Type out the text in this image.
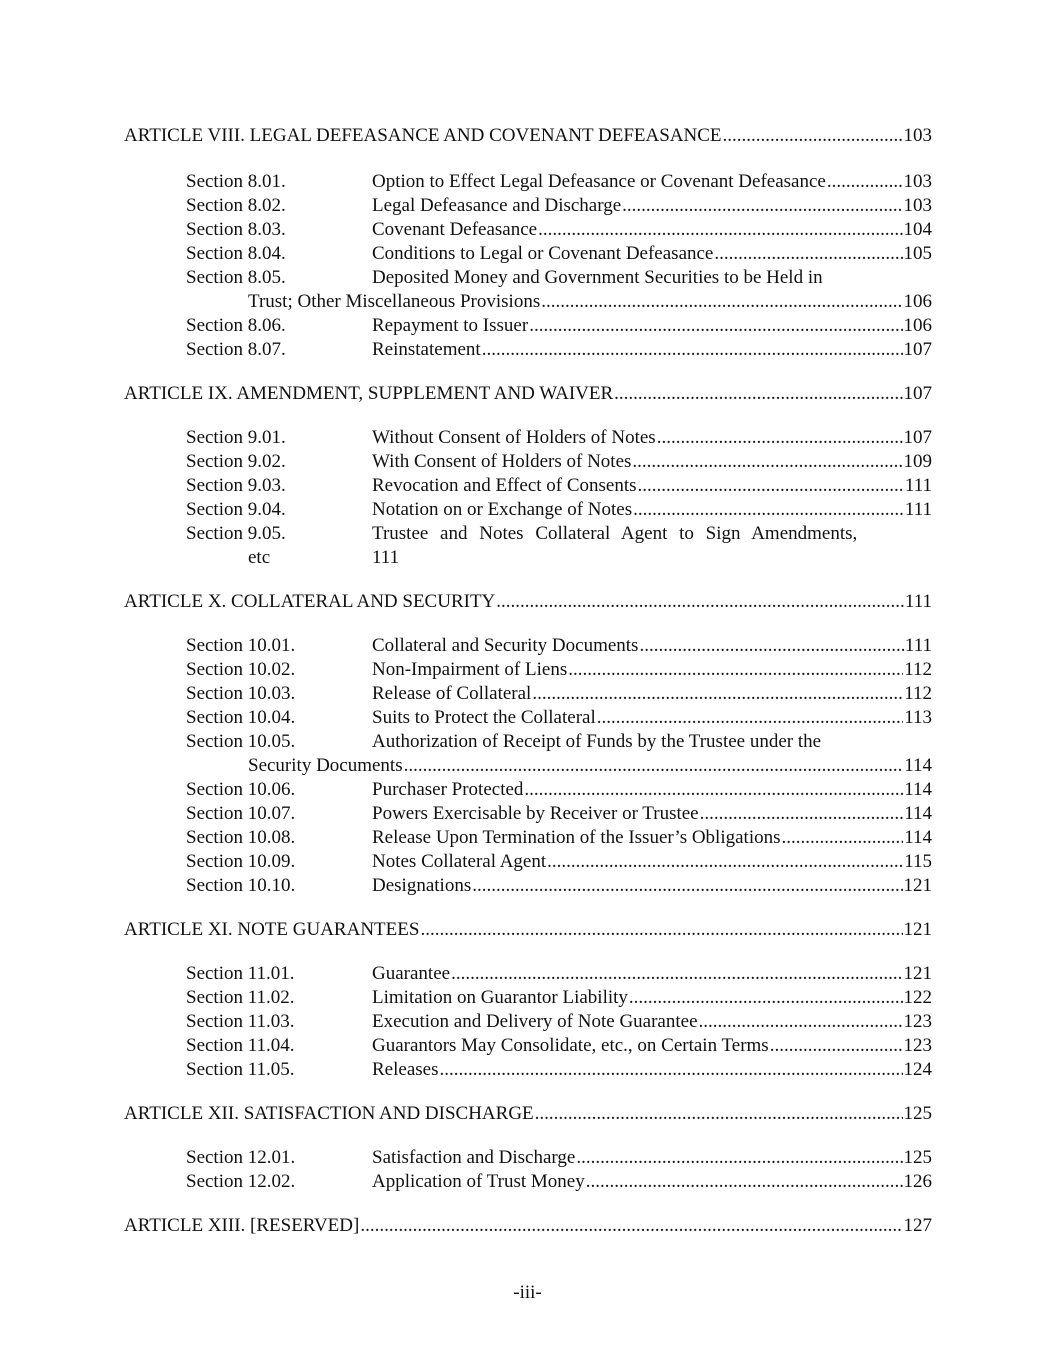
ARTICLE VIII. LEGAL DEFEASANCE AND COVENANT DEFEASANCE .....	103
Section 8.01.	Option to Effect Legal Defeasance or Covenant Defeasance .....	103
Section 8.02.	Legal Defeasance and Discharge .....	103
Section 8.03.	Covenant Defeasance .....	104
Section 8.04.	Conditions to Legal or Covenant Defeasance .....	105
Section 8.05.	Deposited Money and Government Securities to be Held in
Trust; Other Miscellaneous Provisions .....	106
Section 8.06.	Repayment to Issuer .....	106
Section 8.07.	Reinstatement .....	107
ARTICLE IX. AMENDMENT, SUPPLEMENT AND WAIVER .....	107
Section 9.01.	Without Consent of Holders of Notes .....	107
Section 9.02.	With Consent of Holders of Notes .....	109
Section 9.03.	Revocation and Effect of Consents .....	111
Section 9.04.	Notation on or Exchange of Notes .....	111
Section 9.05.	Trustee and Notes Collateral Agent to Sign Amendments,
etc	111
ARTICLE X. COLLATERAL AND SECURITY .....	111
Section 10.01.	Collateral and Security Documents .....	111
Section 10.02.	Non-Impairment of Liens .....	112
Section 10.03.	Release of Collateral .....	112
Section 10.04.	Suits to Protect the Collateral .....	113
Section 10.05.	Authorization of Receipt of Funds by the Trustee under the
Security Documents .....	114
Section 10.06.	Purchaser Protected .....	114
Section 10.07.	Powers Exercisable by Receiver or Trustee .....	114
Section 10.08.	Release Upon Termination of the Issuer’s Obligations .....	114
Section 10.09.	Notes Collateral Agent .....	115
Section 10.10.	Designations .....	121
ARTICLE XI. NOTE GUARANTEES .....	121
Section 11.01.	Guarantee .....	121
Section 11.02.	Limitation on Guarantor Liability .....	122
Section 11.03.	Execution and Delivery of Note Guarantee .....	123
Section 11.04.	Guarantors May Consolidate, etc., on Certain Terms .....	123
Section 11.05.	Releases .....	124
ARTICLE XII. SATISFACTION AND DISCHARGE .....	125
Section 12.01.	Satisfaction and Discharge .....	125
Section 12.02.	Application of Trust Money .....	126
ARTICLE XIII. [RESERVED] .....	127
-iii-
